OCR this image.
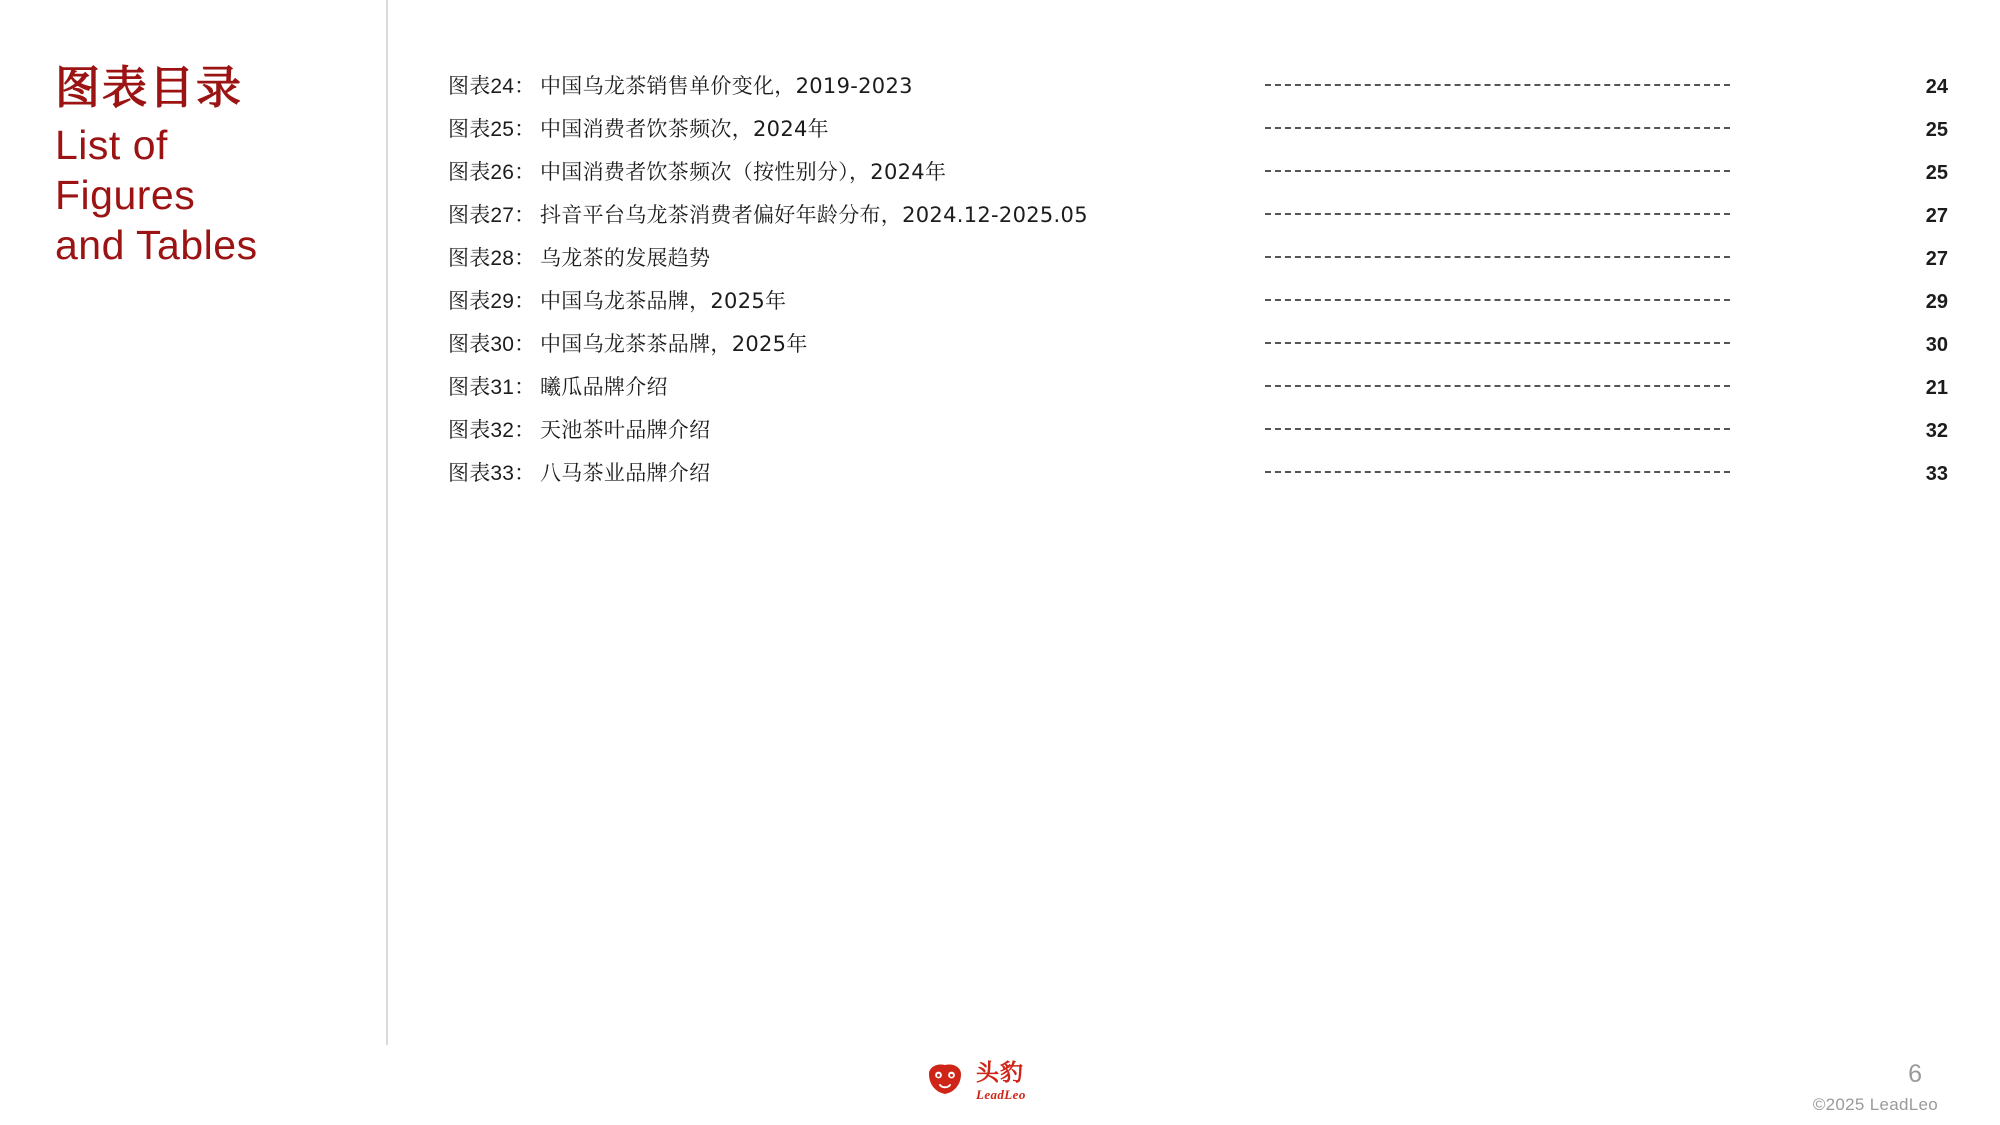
图表目录
List of
Figures
and Tables
图表24： 中国乌龙茶销售单价变化，2019-2023	24
图表25： 中国消费者饮茶频次，2024年	25
图表26： 中国消费者饮茶频次（按性别分），2024年	25
图表27： 抖音平台乌龙茶消费者偏好年龄分布，2024.12-2025.05	27
图表28： 乌龙茶的发展趋势	27
图表29： 中国乌龙茶品牌，2025年	29
图表30： 中国乌龙茶茶品牌，2025年	30
图表31： 曦瓜品牌介绍	21
图表32： 天池茶叶品牌介绍	32
图表33： 八马茶业品牌介绍	33
头豹
LeadLeo
6
©2025 LeadLeo
